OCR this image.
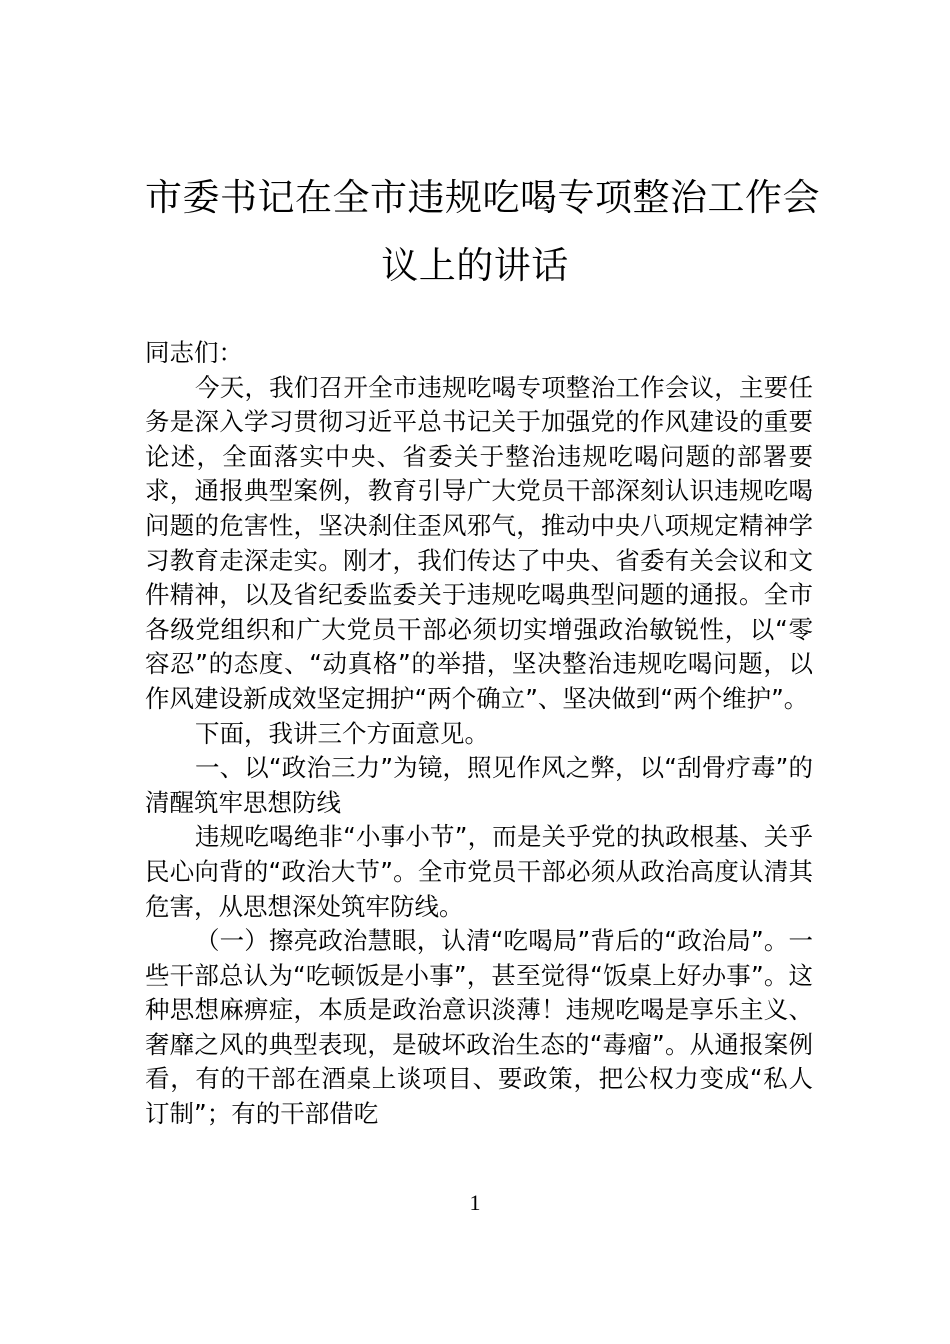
市委书记在全市违规吃喝专项整治工作会
议上的讲话

同志们：

今天，我们召开全市违规吃喝专项整治工作会议，主要任务是深入学习贯彻习近平总书记关于加强党的作风建设的重要论述，全面落实中央、省委关于整治违规吃喝问题的部署要求，通报典型案例，教育引导广大党员干部深刻认识违规吃喝问题的危害性，坚决刹住歪风邪气，推动中央八项规定精神学习教育走深走实。刚才，我们传达了中央、省委有关会议和文件精神，以及省纪委监委关于违规吃喝典型问题的通报。全市各级党组织和广大党员干部必须切实增强政治敏锐性，以“零容忍”的态度、“动真格”的举措，坚决整治违规吃喝问题，以作风建设新成效坚定拥护“两个确立”、坚决做到“两个维护”。

下面，我讲三个方面意见。

一、以“政治三力”为镜，照见作风之弊，以“刮骨疗毒”的清醒筑牢思想防线

违规吃喝绝非“小事小节”，而是关乎党的执政根基、关乎民心向背的“政治大节”。全市党员干部必须从政治高度认清其危害，从思想深处筑牢防线。

（一）擦亮政治慧眼，认清“吃喝局”背后的“政治局”。一些干部总认为“吃顿饭是小事”，甚至觉得“饭桌上好办事”。这种思想麻痹症，本质是政治意识淡薄！违规吃喝是享乐主义、奢靡之风的典型表现，是破坏政治生态的“毒瘤”。从通报案例看，有的干部在酒桌上谈项目、要政策，把公权力变成“私人订制”；有的干部借吃

1
